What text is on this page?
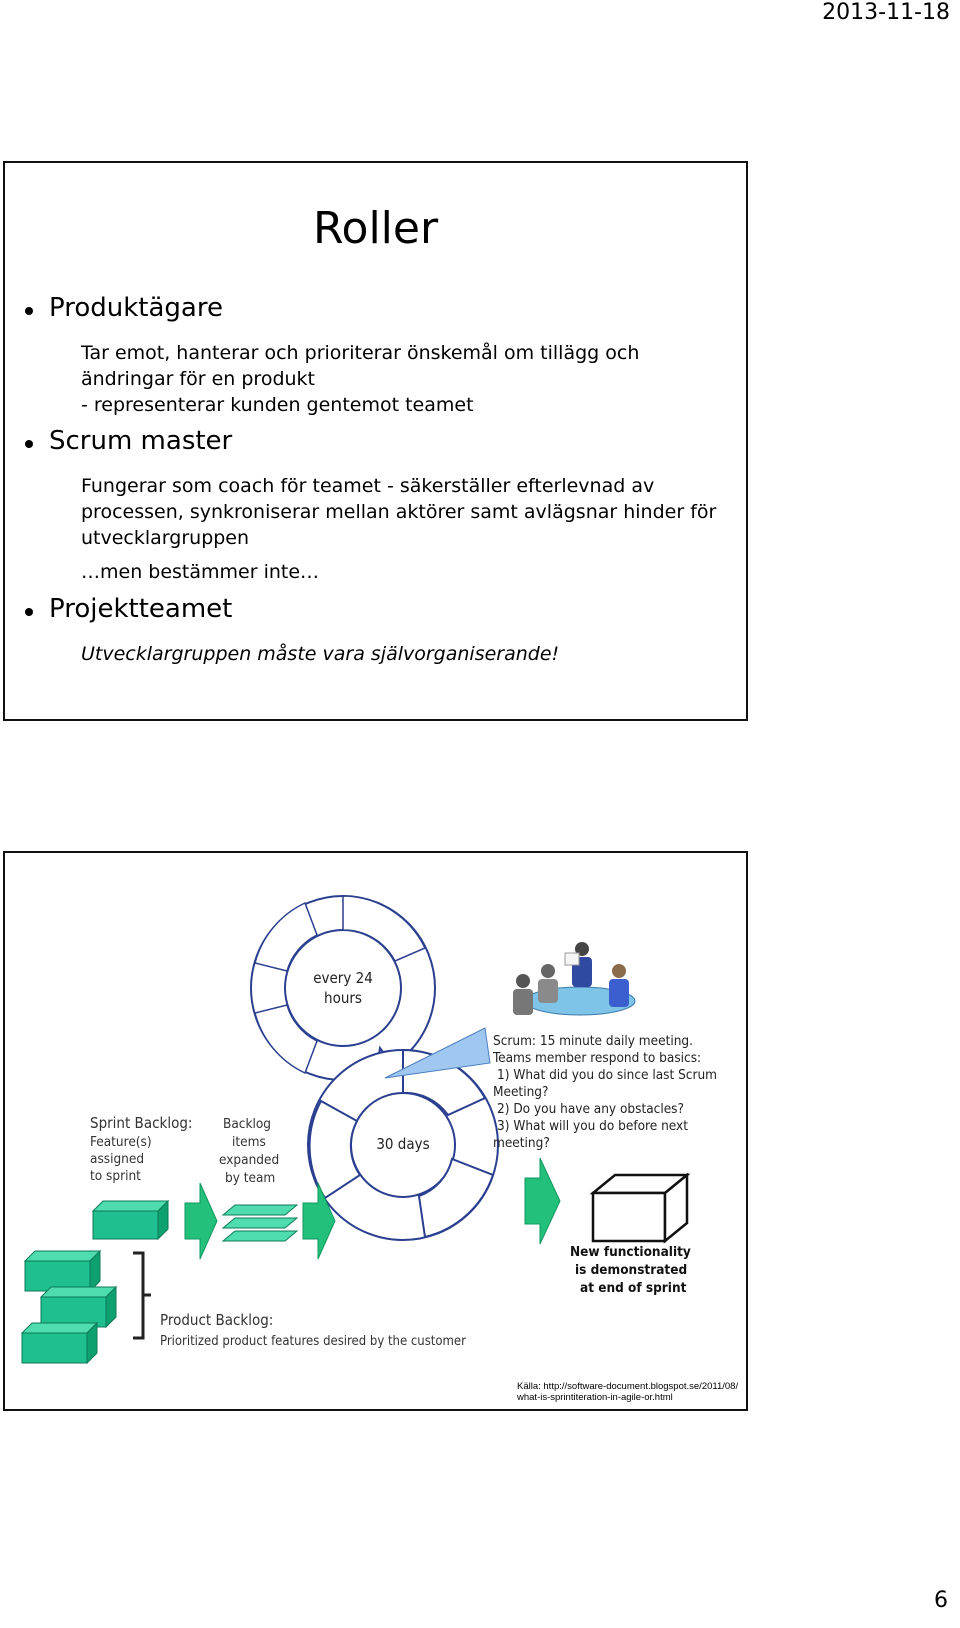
2013-11-18
Roller
Produktägare
Tar emot, hanterar och prioriterar önskemål om tillägg och
ändringar för en produkt
- representerar kunden gentemot teamet
Scrum master
Fungerar som coach för teamet - säkerställer efterlevnad av
processen, synkroniserar mellan aktörer samt avlägsnar hinder för
utvecklargruppen
…men bestämmer inte…
Projektteamet
Utvecklargruppen måste vara självorganiserande!
every 24
hours
30 days
Scrum: 15 minute daily meeting.
Teams member respond to basics:
1) What did you do since last Scrum
Meeting?
2) Do you have any obstacles?
3) What will you do before next
meeting?
Sprint Backlog:
Feature(s)
assigned
to sprint
Backlog
items
expanded
by team
New functionality
is demonstrated
at end of sprint
Product Backlog:
Prioritized product features desired by the customer
Källa: http://software-document.blogspot.se/2011/08/
what-is-sprintiteration-in-agile-or.html
6
